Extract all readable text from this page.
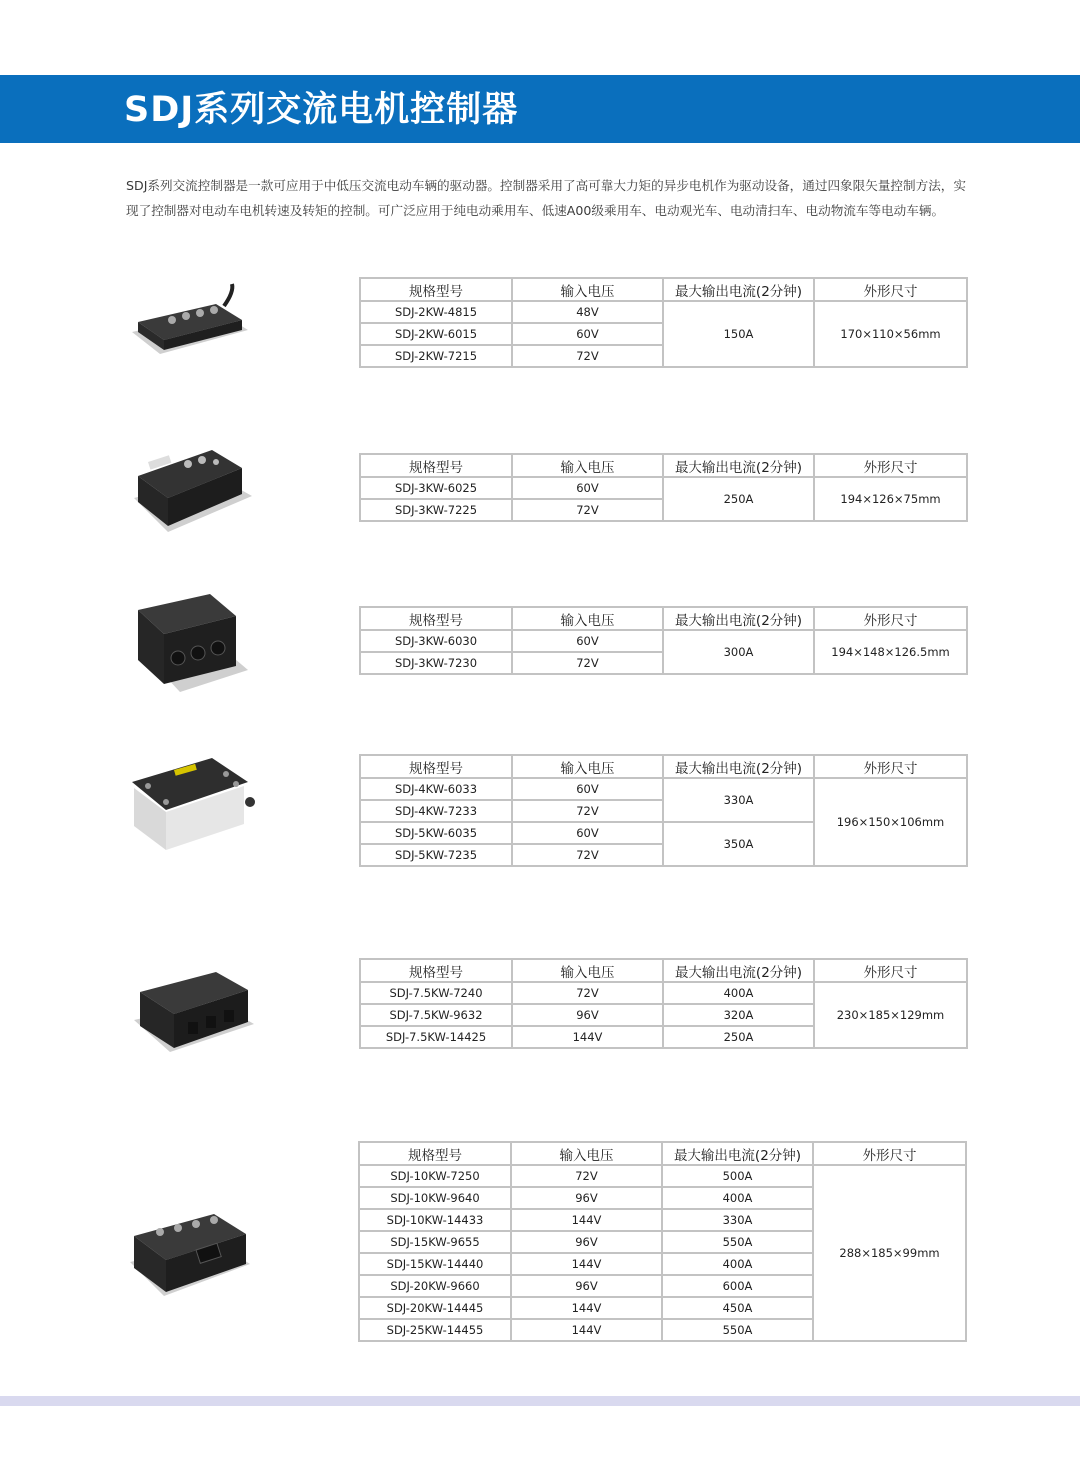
SDJ系列交流电机控制器
SDJ系列交流控制器是一款可应用于中低压交流电动车辆的驱动器。控制器采用了高可靠大力矩的异步电机作为驱动设备，通过四象限矢量控制方法，实现了控制器对电动车电机转速及转矩的控制。可广泛应用于纯电动乘用车、低速A00级乘用车、电动观光车、电动清扫车、电动物流车等电动车辆。
规格型号	输入电压	最大输出电流(2分钟)	外形尺寸
SDJ-2KW-4815	48V	150A	170×110×56mm
SDJ-2KW-6015	60V		
SDJ-2KW-7215	72V		
规格型号	输入电压	最大输出电流(2分钟)	外形尺寸
SDJ-3KW-6025	60V	250A	194×126×75mm
SDJ-3KW-7225	72V		
规格型号	输入电压	最大输出电流(2分钟)	外形尺寸
SDJ-3KW-6030	60V	300A	194×148×126.5mm
SDJ-3KW-7230	72V		
规格型号	输入电压	最大输出电流(2分钟)	外形尺寸
SDJ-4KW-6033	60V	330A	196×150×106mm
SDJ-4KW-7233	72V		
SDJ-5KW-6035	60V	350A	
SDJ-5KW-7235	72V		
规格型号	输入电压	最大输出电流(2分钟)	外形尺寸
SDJ-7.5KW-7240	72V	400A	230×185×129mm
SDJ-7.5KW-9632	96V	320A	
SDJ-7.5KW-14425	144V	250A	
规格型号	输入电压	最大输出电流(2分钟)	外形尺寸
SDJ-10KW-7250	72V	500A	288×185×99mm
SDJ-10KW-9640	96V	400A	
SDJ-10KW-14433	144V	330A	
SDJ-15KW-9655	96V	550A	
SDJ-15KW-14440	144V	400A	
SDJ-20KW-9660	96V	600A	
SDJ-20KW-14445	144V	450A	
SDJ-25KW-14455	144V	550A	
